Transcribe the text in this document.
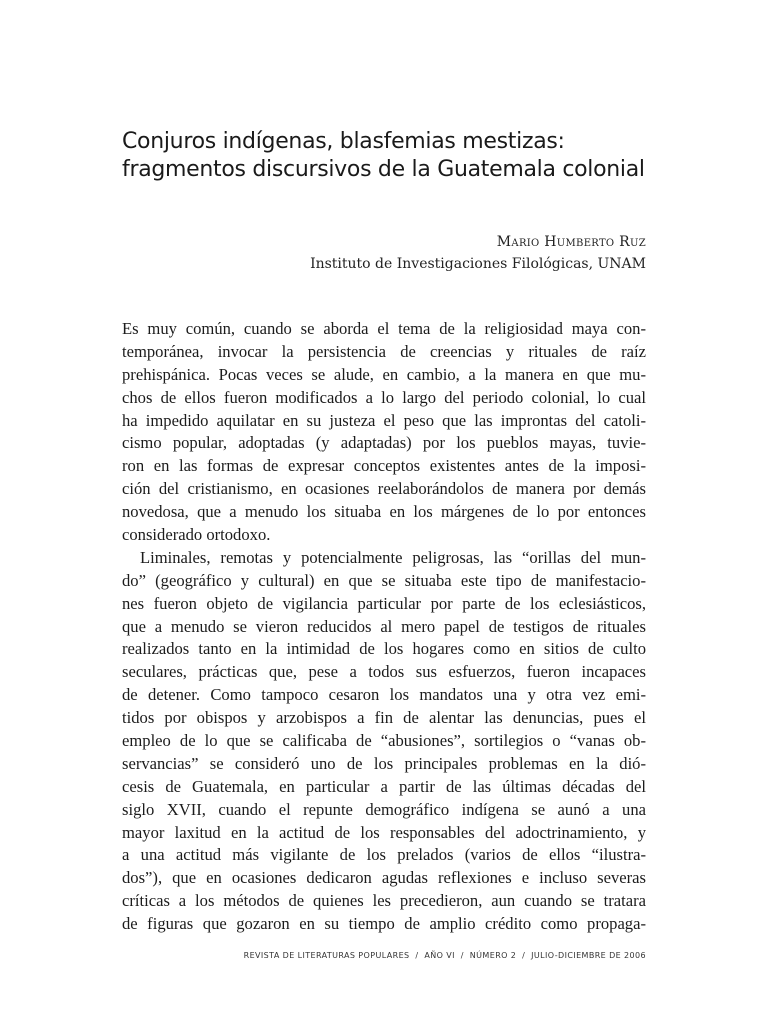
Conjuros indígenas, blasfemias mestizas:
fragmentos discursivos de la Guatemala colonial
Mario Humberto Ruz
Instituto de Investigaciones Filológicas, UNAM
Es muy común, cuando se aborda el tema de la religiosidad maya con-
temporánea, invocar la persistencia de creencias y rituales de raíz
prehispánica. Pocas veces se alude, en cambio, a la manera en que mu-
chos de ellos fueron modificados a lo largo del periodo colonial, lo cual
ha impedido aquilatar en su justeza el peso que las improntas del catoli-
cismo popular, adoptadas (y adaptadas) por los pueblos mayas, tuvie-
ron en las formas de expresar conceptos existentes antes de la imposi-
ción del cristianismo, en ocasiones reelaborándolos de manera por demás
novedosa, que a menudo los situaba en los márgenes de lo por entonces
considerado ortodoxo.
Liminales, remotas y potencialmente peligrosas, las “orillas del mun-
do” (geográfico y cultural) en que se situaba este tipo de manifestacio-
nes fueron objeto de vigilancia particular por parte de los eclesiásticos,
que a menudo se vieron reducidos al mero papel de testigos de rituales
realizados tanto en la intimidad de los hogares como en sitios de culto
seculares, prácticas que, pese a todos sus esfuerzos, fueron incapaces
de detener. Como tampoco cesaron los mandatos una y otra vez emi-
tidos por obispos y arzobispos a fin de alentar las denuncias, pues el
empleo de lo que se calificaba de “abusiones”, sortilegios o “vanas ob-
servancias” se consideró uno de los principales problemas en la dió-
cesis de Guatemala, en particular a partir de las últimas décadas del
siglo XVII, cuando el repunte demográfico indígena se aunó a una
mayor laxitud en la actitud de los responsables del adoctrinamiento, y
a una actitud más vigilante de los prelados (varios de ellos “ilustra-
dos”), que en ocasiones dedicaron agudas reflexiones e incluso severas
críticas a los métodos de quienes les precedieron, aun cuando se tratara
de figuras que gozaron en su tiempo de amplio crédito como propaga-
REVISTA DE LITERATURAS POPULARES  /  AÑO VI  /  NÚMERO 2  /  JULIO-DICIEMBRE DE 2006
